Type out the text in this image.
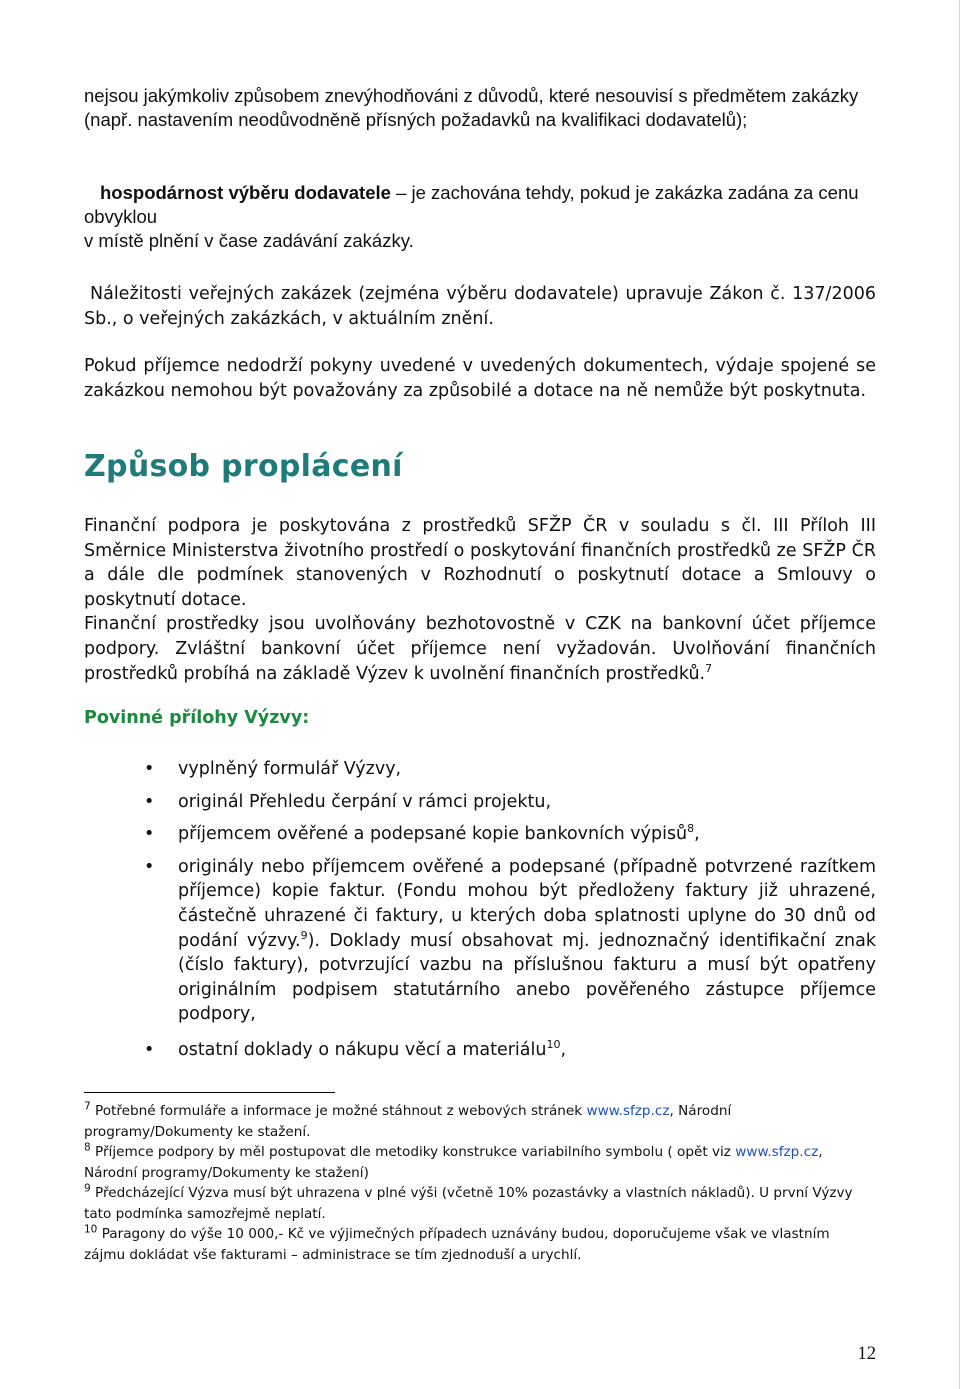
nejsou jakýmkoliv způsobem znevýhodňováni z důvodů, které nesouvisí s předmětem zakázky
(např. nastavením neodůvodněně přísných požadavků na kvalifikaci dodavatelů);

hospodárnost výběru dodavatele – je zachována tehdy, pokud je zakázka zadána za cenu obvyklou
v místě plnění v čase zadávání zakázky.

Náležitosti veřejných zakázek (zejména výběru dodavatele) upravuje Zákon č. 137/2006 Sb., o veřejných zakázkách, v aktuálním znění.

Pokud příjemce nedodrží pokyny uvedené v uvedených dokumentech, výdaje spojené se zakázkou nemohou být považovány za způsobilé a dotace na ně nemůže být poskytnuta.

Způsob proplácení
Finanční podpora je poskytována z prostředků SFŽP ČR v souladu s čl. III Příloh III Směrnice Ministerstva životního prostředí o poskytování finančních prostředků ze SFŽP ČR a dále dle podmínek stanovených v Rozhodnutí o poskytnutí dotace a Smlouvy o poskytnutí dotace.
Finanční prostředky jsou uvolňovány bezhotovostně v CZK na bankovní účet příjemce podpory. Zvláštní bankovní účet příjemce není vyžadován. Uvolňování finančních prostředků probíhá na základě Výzev k uvolnění finančních prostředků.$^7$
Povinné přílohy Výzvy:
• vyplněný formulář Výzvy,
• originál Přehledu čerpání v rámci projektu,
• příjemcem ověřené a podepsané kopie bankovních výpisů$^8$,
• originály nebo příjemcem ověřené a podepsané (případně potvrzené razítkem příjemce) kopie faktur. (Fondu mohou být předloženy faktury již uhrazené, částečně uhrazené či faktury, u kterých doba splatnosti uplyne do 30 dnů od podání výzvy.$^9$). Doklady musí obsahovat mj. jednoznačný identifikační znak (číslo faktury), potvrzující vazbu na příslušnou fakturu a musí být opatřeny originálním podpisem statutárního anebo pověřeného zástupce příjemce podpory,
• ostatní doklady o nákupu věcí a materiálu$^{10}$,

$^7$ Potřebné formuláře a informace je možné stáhnout z webových stránek www.sfzp.cz, Národní programy/Dokumenty ke stažení.

$^8$ Příjemce podpory by měl postupovat dle metodiky konstrukce variabilního symbolu ( opět viz www.sfzp.cz, Národní programy/Dokumenty ke stažení)

$^9$ Předcházející Výzva musí být uhrazena v plné výši (včetně 10% pozastávky a vlastních nákladů). U první Výzvy tato podmínka samozřejmě neplatí.

$^{10}$ Paragony do výše 10 000,- Kč ve výjimečných případech uznávány budou, doporučujeme však ve vlastním zájmu dokládat vše fakturami – administrace se tím zjednoduší a urychlí.

12
